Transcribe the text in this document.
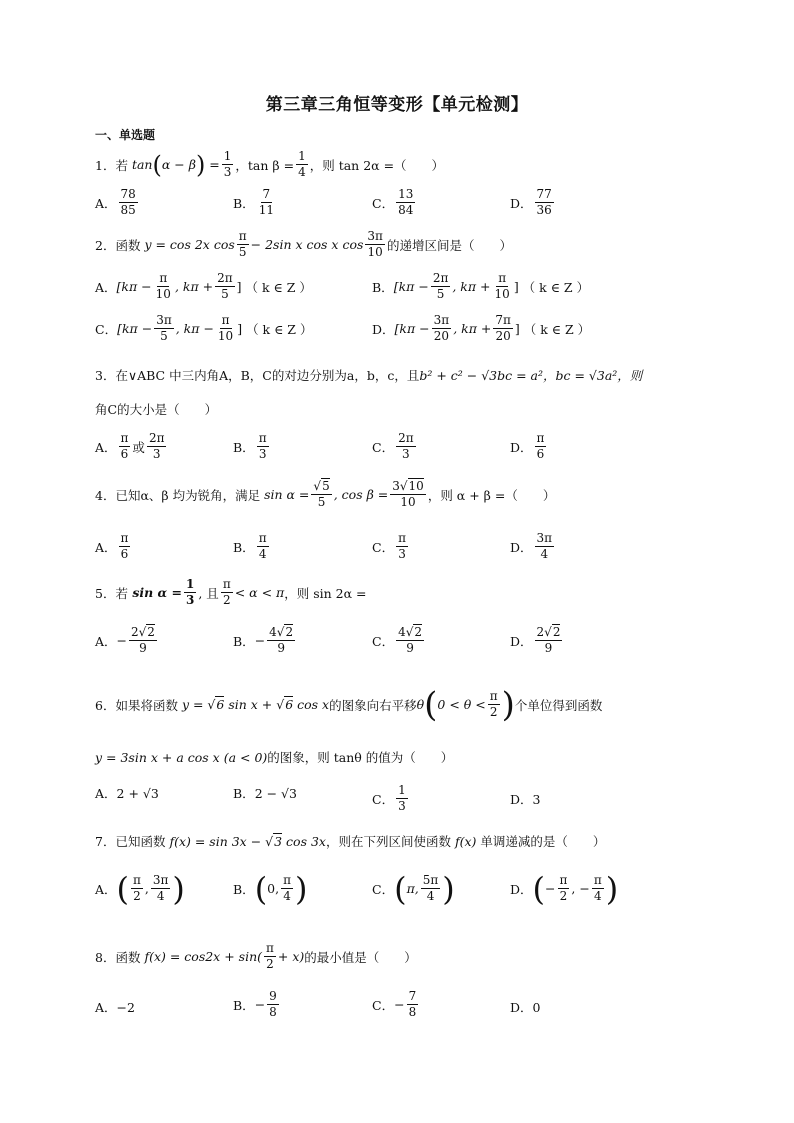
第三章三角恒等变形【单元检测】
一、单选题
1． 若 tan ( α − β ) = $\frac{1}{3}$ ，$\tan \beta = \frac{1}{4}$ ，则 tan 2α =（　　）
A． $\frac{78}{85}$	B． $\frac{7}{11}$	C． $\frac{13}{84}$	D． $\frac{77}{36}$
2． 函数 y = cos 2x $\cos \frac{\pi}{5} - 2\sin$ x cos x $\cos \frac{3\pi}{10}$ 的递增区间是（　　）
A． [$k\pi - \frac{\pi}{10}$ , $k\pi + \frac{2\pi}{5}$ ] （ k ∈ Z ）	B． [$k\pi - \frac{2\pi}{5}$ , $k\pi + \frac{\pi}{10}$ ] （ k ∈ Z ）
C． [$k\pi - \frac{3\pi}{5}$ , $k\pi - \frac{\pi}{10}$ ] （ k ∈ Z ）	D． [$k\pi - \frac{3\pi}{20}$ , $k\pi + \frac{7\pi}{20}$ ] （ k ∈ Z ）
3． 在∨ABC 中三内角A，B，C的对边分别为a，b，c，且 b² + c² − √3bc = a²，bc = √3a²，则
角C的大小是（　　）
A． $\frac{\pi}{6}$ 或 $\frac{2\pi}{3}$	B． $\frac{\pi}{3}$	C． $\frac{2\pi}{3}$	D． $\frac{\pi}{6}$
4． 已知α、β 均为锐角，满足 $\sin \alpha = \frac{√5}{5}$ , $\cos \beta = \frac{3√10}{10}$ ，则 α + β =（　　）
A． $\frac{\pi}{6}$	B． $\frac{\pi}{4}$	C． $\frac{\pi}{3}$	D． $\frac{3\pi}{4}$
5． 若 $\sin \alpha = \frac{1}{3}$ , 且 $\frac{\pi}{2} < \alpha < \pi$ ，则 sin 2α =
A． − $\frac{2√2}{9}$	B． − $\frac{4√2}{9}$	C． $\frac{4√2}{9}$	D． $\frac{2√2}{9}$
6． 如果将函数 y = √6 sin x + √6 cos x 的图象向右平移 θ ( $0 < \theta < \frac{\pi}{2}$ ) 个单位得到函数
y = 3sin x + a cos x (a < 0) 的图象，则 tanθ 的值为（　　）
A． 2 + √3	B． 2 − √3	C． $\frac{1}{3}$	D． 3
7． 已知函数 f(x) = sin 3x − √3 cos 3x ，则在下列区间使函数 f(x) 单调递减的是（　　）
A． ( $\frac{\pi}{2}$ , $\frac{3\pi}{4}$ )	B． ( 0, $\frac{\pi}{4}$ )	C． ( π, $\frac{5\pi}{4}$ )	D． ( − $\frac{\pi}{2}$ , − $\frac{\pi}{4}$ )
8． 函数 $f(x) = \cos 2x + \sin( \frac{\pi}{2} + x)$ 的最小值是（　　）
A． −2	B． − $\frac{9}{8}$	C． − $\frac{7}{8}$	D． 0
